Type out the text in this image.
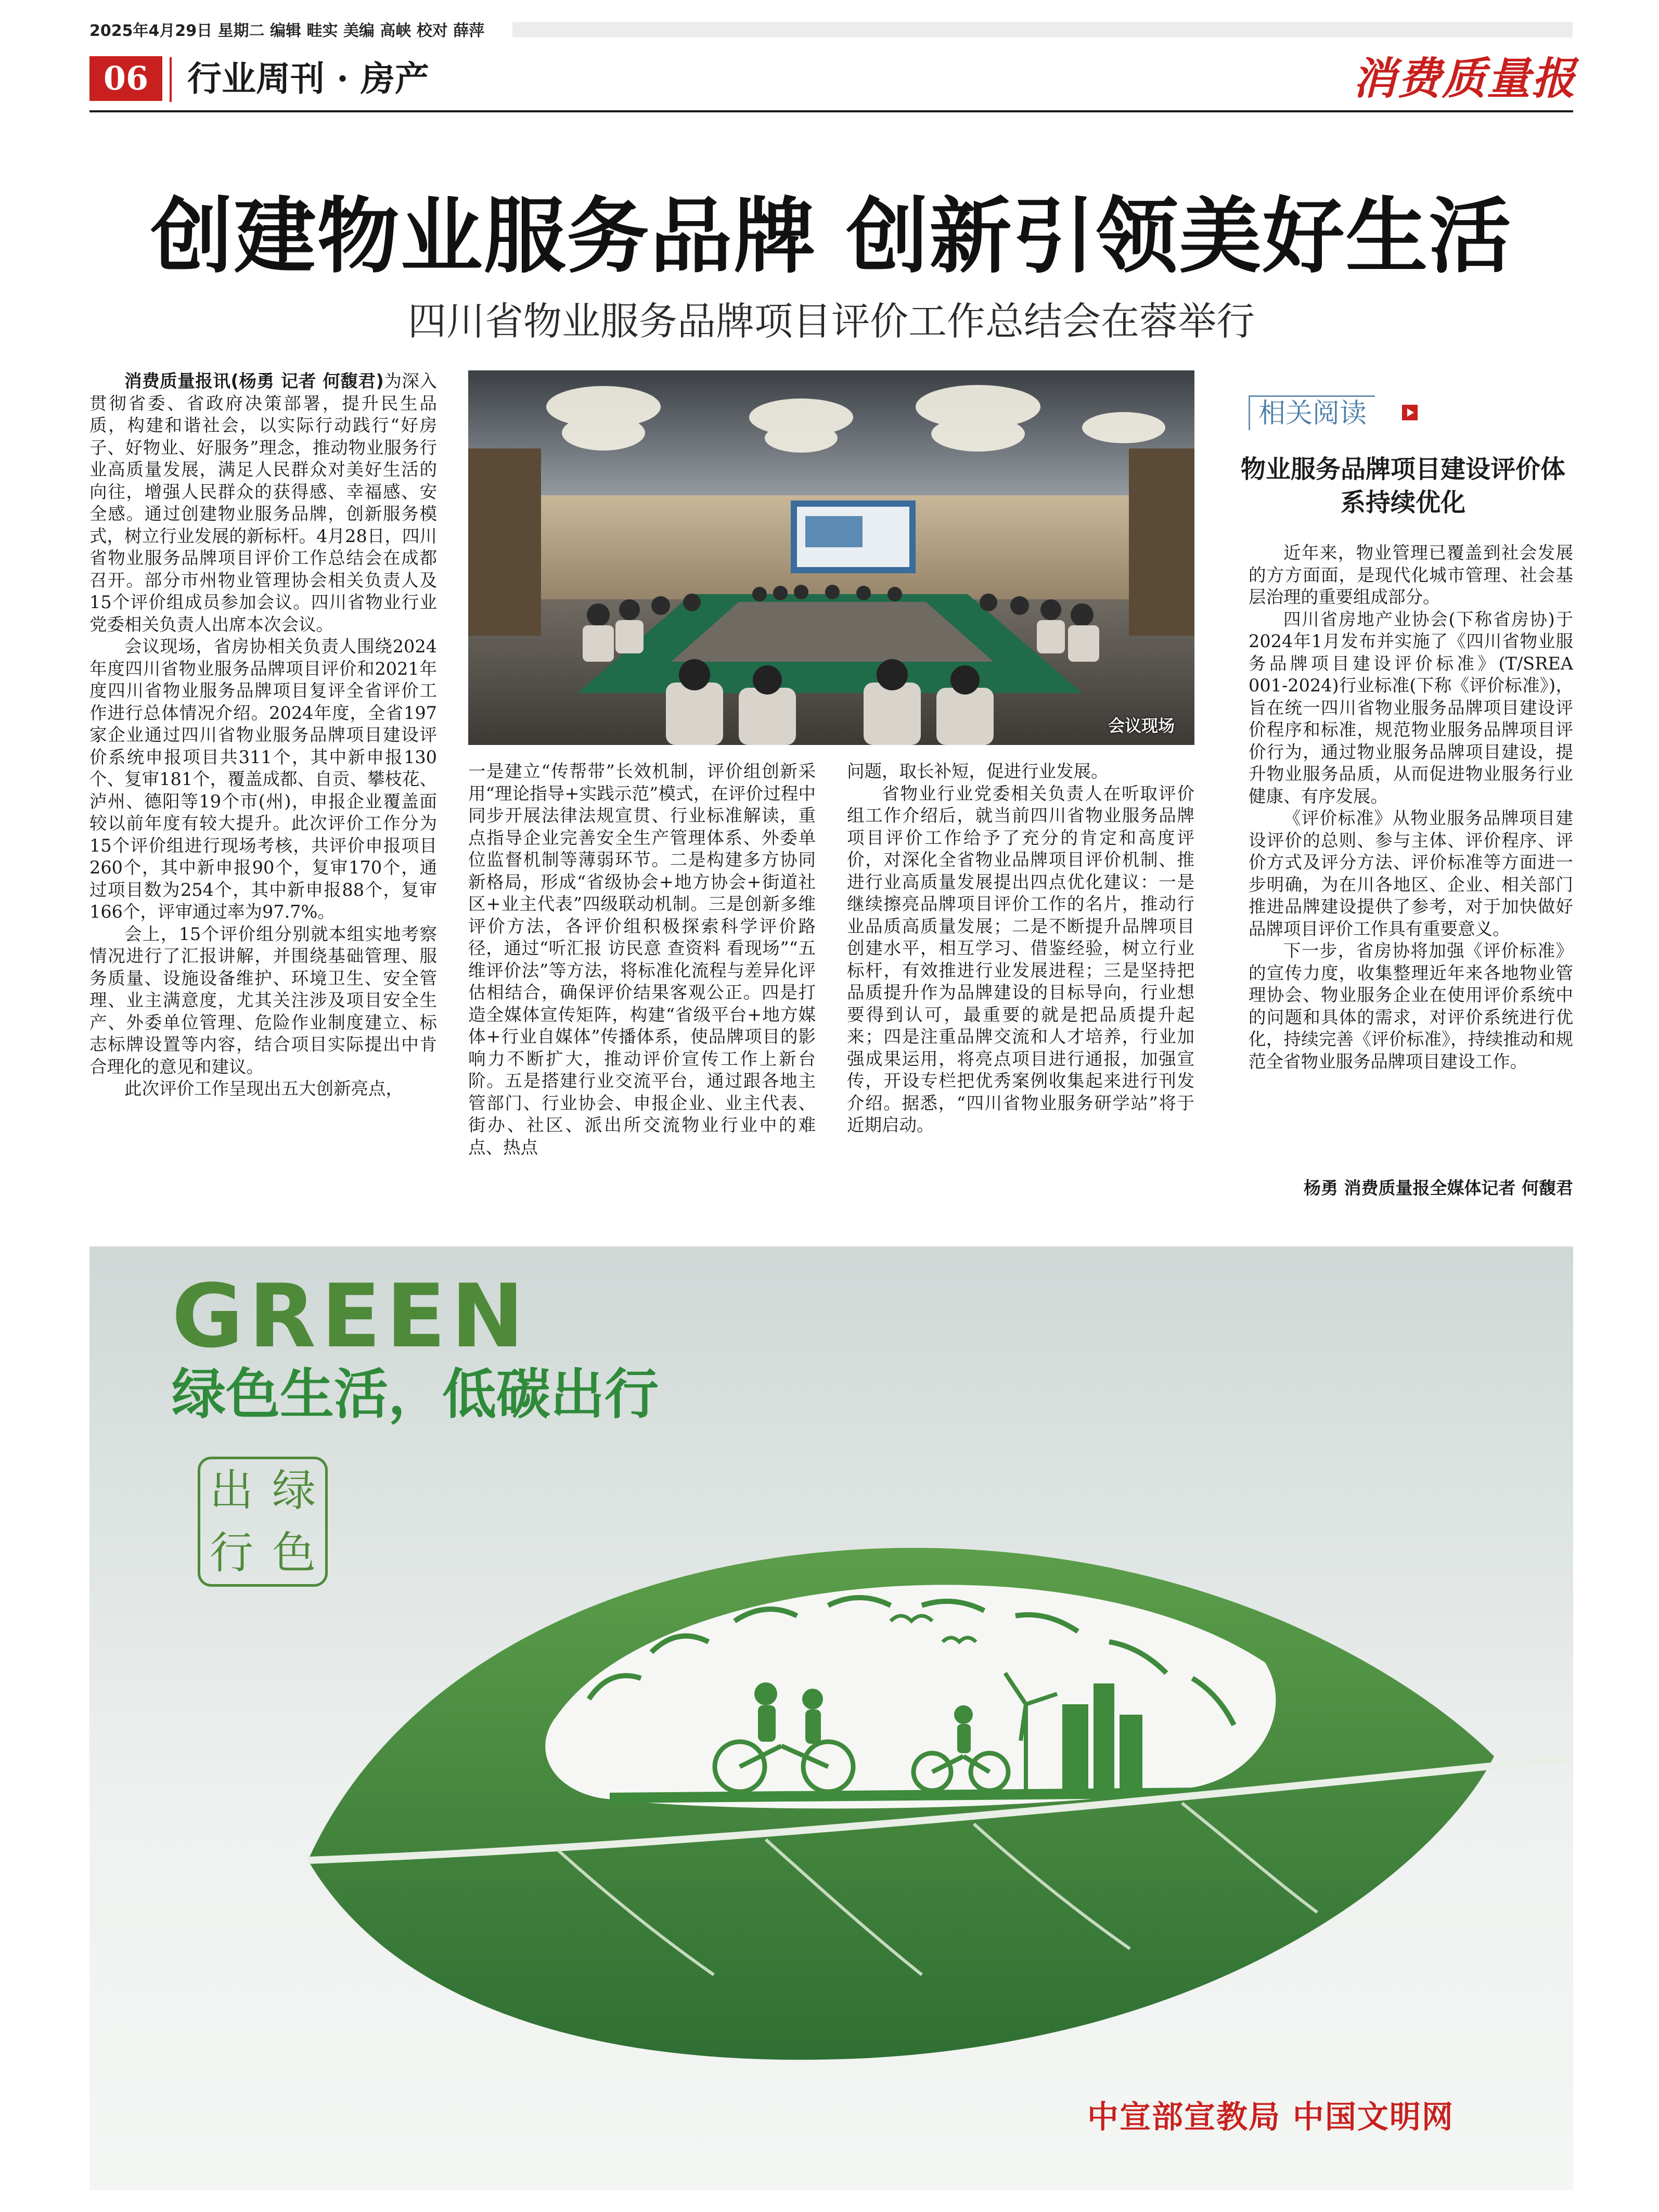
2025年4月29日 星期二 编辑 畦实 美编 高峡 校对 薛萍
06	行业周刊 · 房产	消费质量报
创建物业服务品牌 创新引领美好生活
四川省物业服务品牌项目评价工作总结会在蓉举行

消费质量报讯(杨勇 记者 何馥君)为深入贯彻省委、省政府决策部署，提升民生品质，构建和谐社会，以实际行动践行“好房子、好物业、好服务”理念，推动物业服务行业高质量发展，满足人民群众对美好生活的向往，增强人民群众的获得感、幸福感、安全感。通过创建物业服务品牌，创新服务模式，树立行业发展的新标杆。4月28日，四川省物业服务品牌项目评价工作总结会在成都召开。部分市州物业管理协会相关负责人及15个评价组成员参加会议。四川省物业行业党委相关负责人出席本次会议。

会议现场，省房协相关负责人围绕2024年度四川省物业服务品牌项目评价和2021年度四川省物业服务品牌项目复评全省评价工作进行总体情况介绍。2024年度，全省197家企业通过四川省物业服务品牌项目建设评价系统申报项目共311个，其中新申报130个、复审181个，覆盖成都、自贡、攀枝花、泸州、德阳等19个市(州)，申报企业覆盖面较以前年度有较大提升。此次评价工作分为15个评价组进行现场考核，共评价申报项目260个，其中新申报90个，复审170个，通过项目数为254个，其中新申报88个，复审166个，评审通过率为97.7%。

会上，15个评价组分别就本组实地考察情况进行了汇报讲解，并围绕基础管理、服务质量、设施设备维护、环境卫生、安全管理、业主满意度，尤其关注涉及项目安全生产、外委单位管理、危险作业制度建立、标志标牌设置等内容，结合项目实际提出中肯合理化的意见和建议。

此次评价工作呈现出五大创新亮点，

会议现场

一是建立“传帮带”长效机制，评价组创新采用“理论指导+实践示范”模式，在评价过程中同步开展法律法规宣贯、行业标准解读，重点指导企业完善安全生产管理体系、外委单位监督机制等薄弱环节。二是构建多方协同新格局，形成“省级协会+地方协会+街道社区+业主代表”四级联动机制。三是创新多维评价方法，各评价组积极探索科学评价路径，通过“听汇报 访民意 查资料 看现场”“五维评价法”等方法，将标准化流程与差异化评估相结合，确保评价结果客观公正。四是打造全媒体宣传矩阵，构建“省级平台+地方媒体+行业自媒体”传播体系，使品牌项目的影响力不断扩大，推动评价宣传工作上新台阶。五是搭建行业交流平台，通过跟各地主管部门、行业协会、申报企业、业主代表、街办、社区、派出所交流物业行业中的难点、热点

问题，取长补短，促进行业发展。

省物业行业党委相关负责人在听取评价组工作介绍后，就当前四川省物业服务品牌项目评价工作给予了充分的肯定和高度评价，对深化全省物业品牌项目评价机制、推进行业高质量发展提出四点优化建议：一是继续擦亮品牌项目评价工作的名片，推动行业品质高质量发展；二是不断提升品牌项目创建水平，相互学习、借鉴经验，树立行业标杆，有效推进行业发展进程；三是坚持把品质提升作为品牌建设的目标导向，行业想要得到认可，最重要的就是把品质提升起来；四是注重品牌交流和人才培养，行业加强成果运用，将亮点项目进行通报，加强宣传，开设专栏把优秀案例收集起来进行刊发介绍。据悉，“四川省物业服务研学站”将于近期启动。

相关阅读
物业服务品牌项目建设评价体系持续优化

近年来，物业管理已覆盖到社会发展的方方面面，是现代化城市管理、社会基层治理的重要组成部分。

四川省房地产业协会(下称省房协)于2024年1月发布并实施了《四川省物业服务品牌项目建设评价标准》(T/SREA 001-2024)行业标准(下称《评价标准》)，旨在统一四川省物业服务品牌项目建设评价程序和标准，规范物业服务品牌项目评价行为，通过物业服务品牌项目建设，提升物业服务品质，从而促进物业服务行业健康、有序发展。

《评价标准》从物业服务品牌项目建设评价的总则、参与主体、评价程序、评价方式及评分方法、评价标准等方面进一步明确，为在川各地区、企业、相关部门推进品牌建设提供了参考，对于加快做好品牌项目评价工作具有重要意义。

下一步，省房协将加强《评价标准》的宣传力度，收集整理近年来各地物业管理协会、物业服务企业在使用评价系统中的问题和具体的需求，对评价系统进行优化，持续完善《评价标准》，持续推动和规范全省物业服务品牌项目建设工作。

杨勇 消费质量报全媒体记者 何馥君
GREEN
绿色生活，低碳出行
出 绿
行 色
中宣部宣教局 中国文明网
